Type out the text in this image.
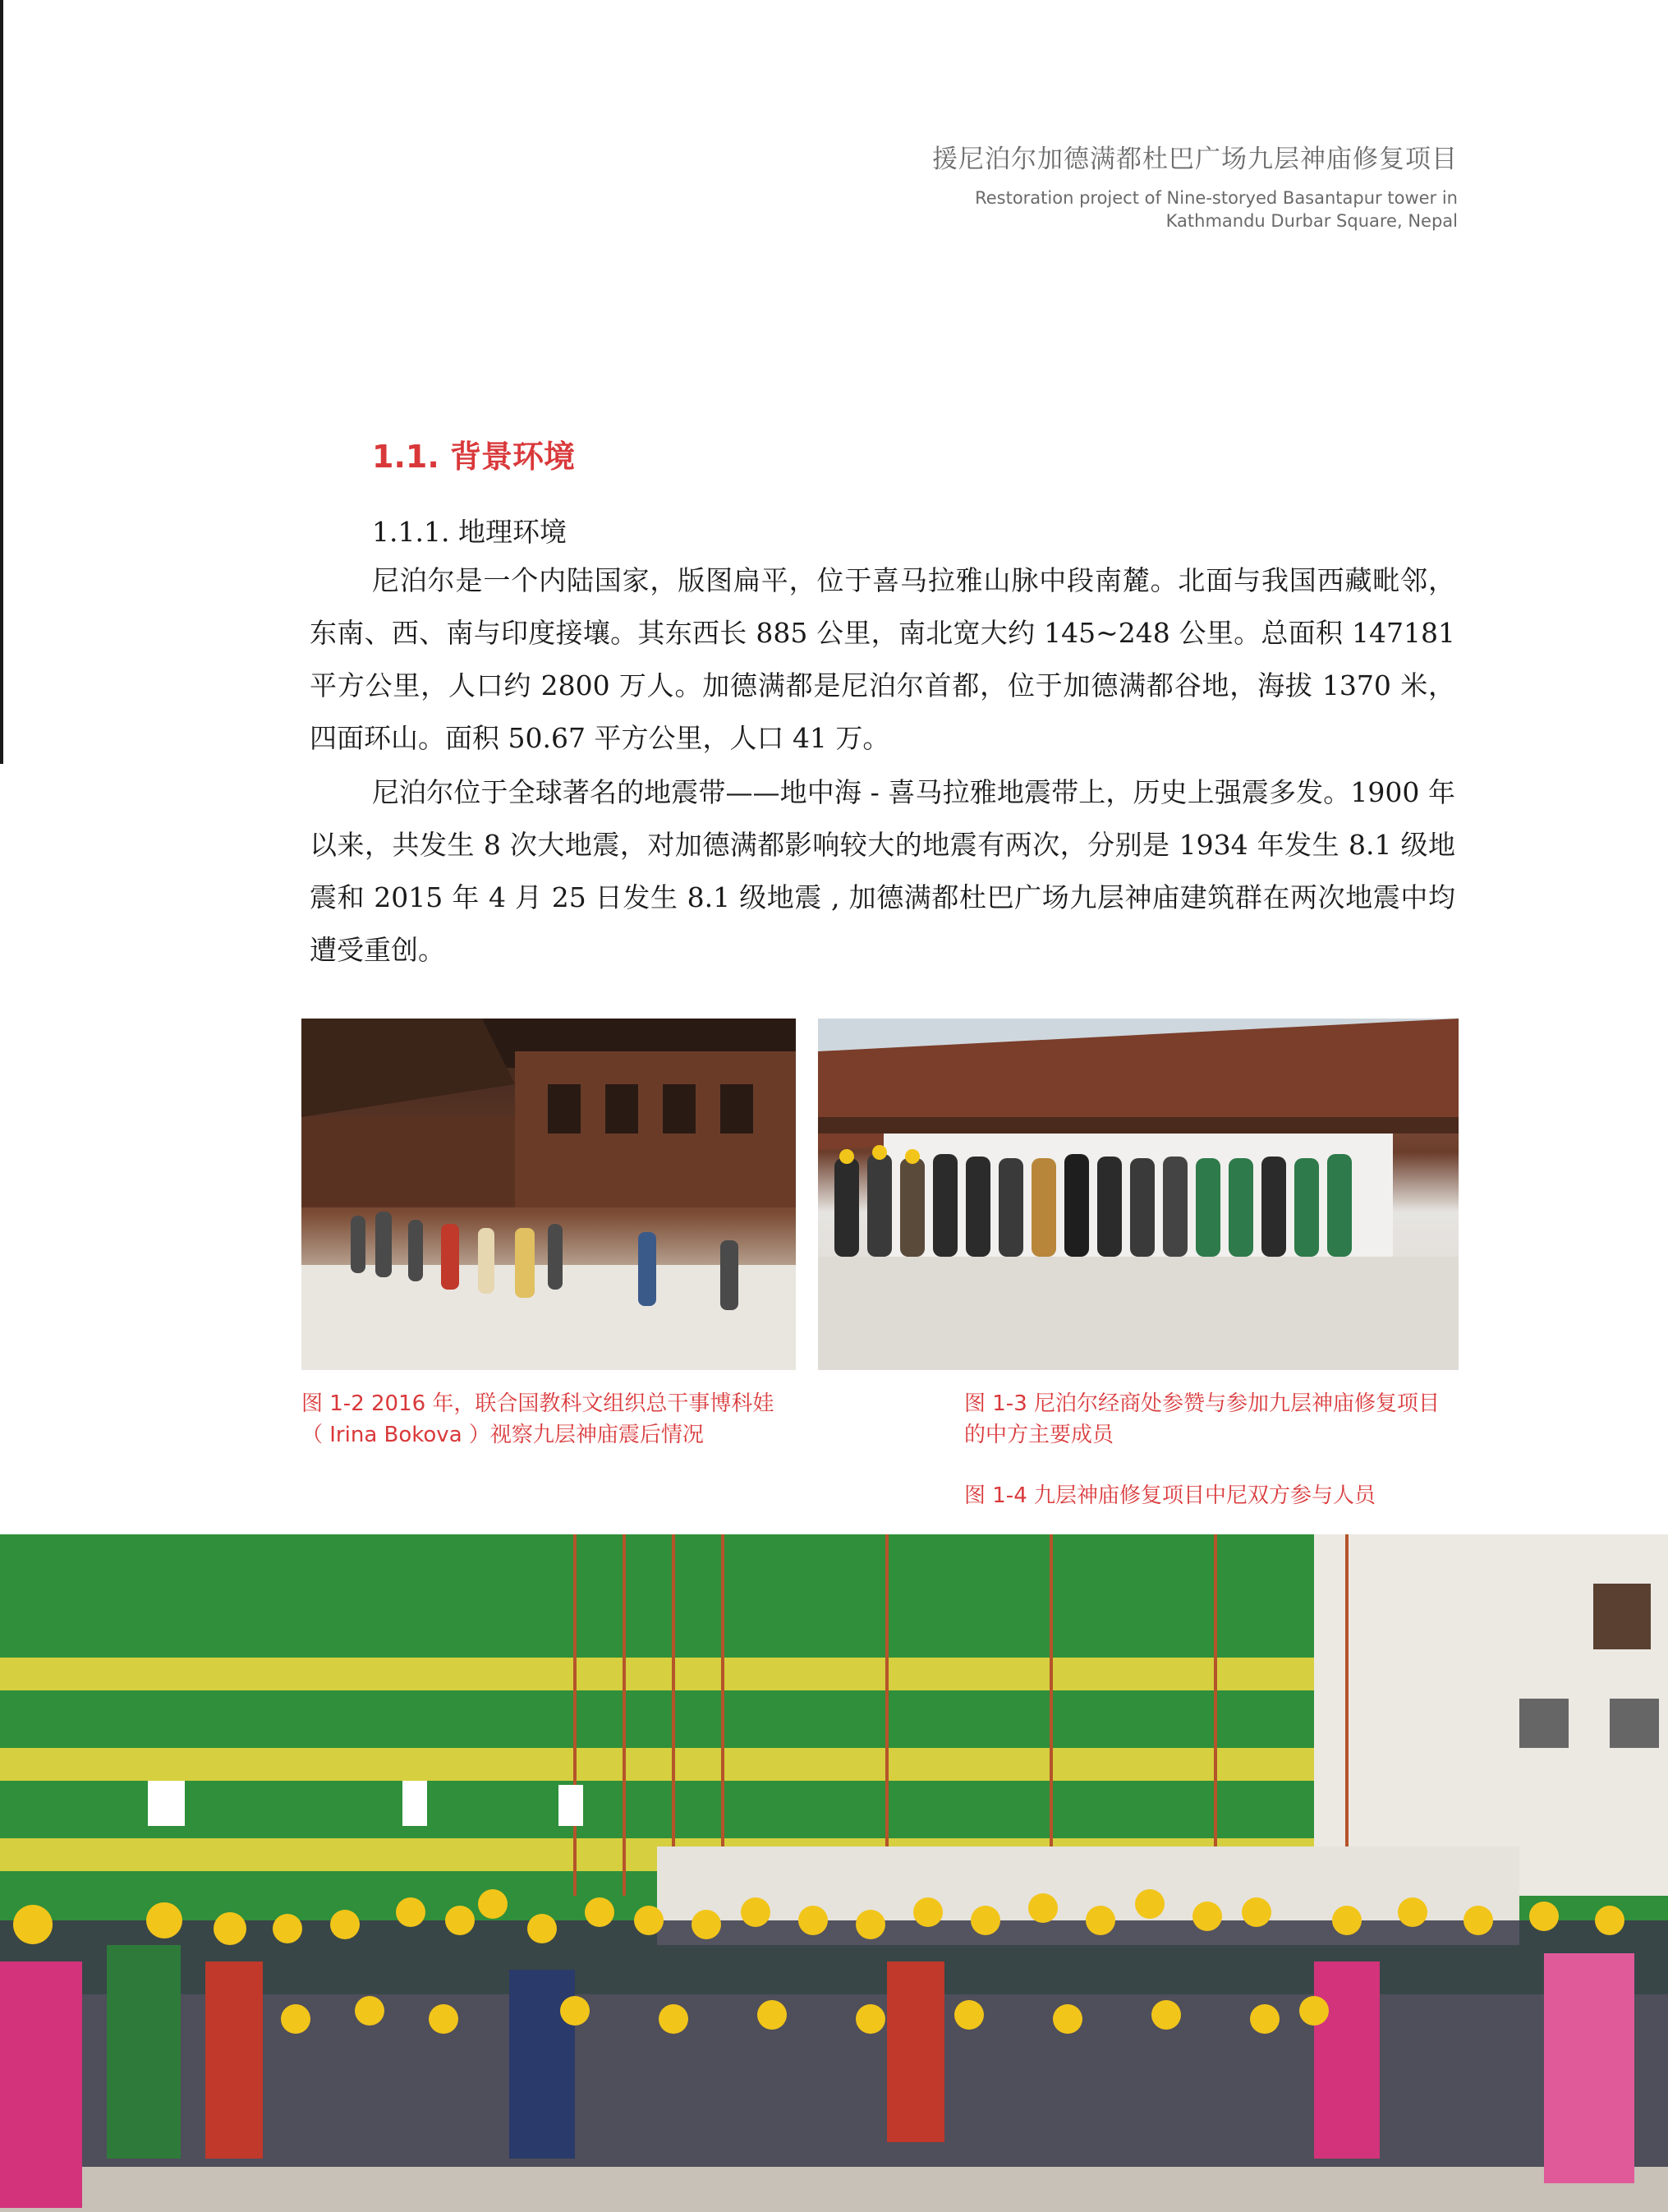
援尼泊尔加德满都杜巴广场九层神庙修复项目
Restoration project of Nine-storyed Basantapur tower in
Kathmandu Durbar Square, Nepal
1.1. 背景环境
1.1.1. 地理环境

尼泊尔是一个内陆国家，版图扁平，位于喜马拉雅山脉中段南麓。北面与我国西藏毗邻，东南、西、南与印度接壤。其东西长 885 公里，南北宽大约 145~248 公里。总面积 147181 平方公里，人口约 2800 万人。加德满都是尼泊尔首都，位于加德满都谷地，海拔 1370 米，四面环山。面积 50.67 平方公里，人口 41 万。

尼泊尔位于全球著名的地震带——地中海 - 喜马拉雅地震带上，历史上强震多发。1900 年以来，共发生 8 次大地震，对加德满都影响较大的地震有两次，分别是 1934 年发生 8.1 级地震和 2015 年 4 月 25 日发生 8.1 级地震 , 加德满都杜巴广场九层神庙建筑群在两次地震中均遭受重创。

图 1-2 2016 年，联合国教科文组织总干事博科娃
（ Irina Bokova ）视察九层神庙震后情况
图 1-3 尼泊尔经商处参赞与参加九层神庙修复项目
的中方主要成员
图 1-4 九层神庙修复项目中尼双方参与人员
